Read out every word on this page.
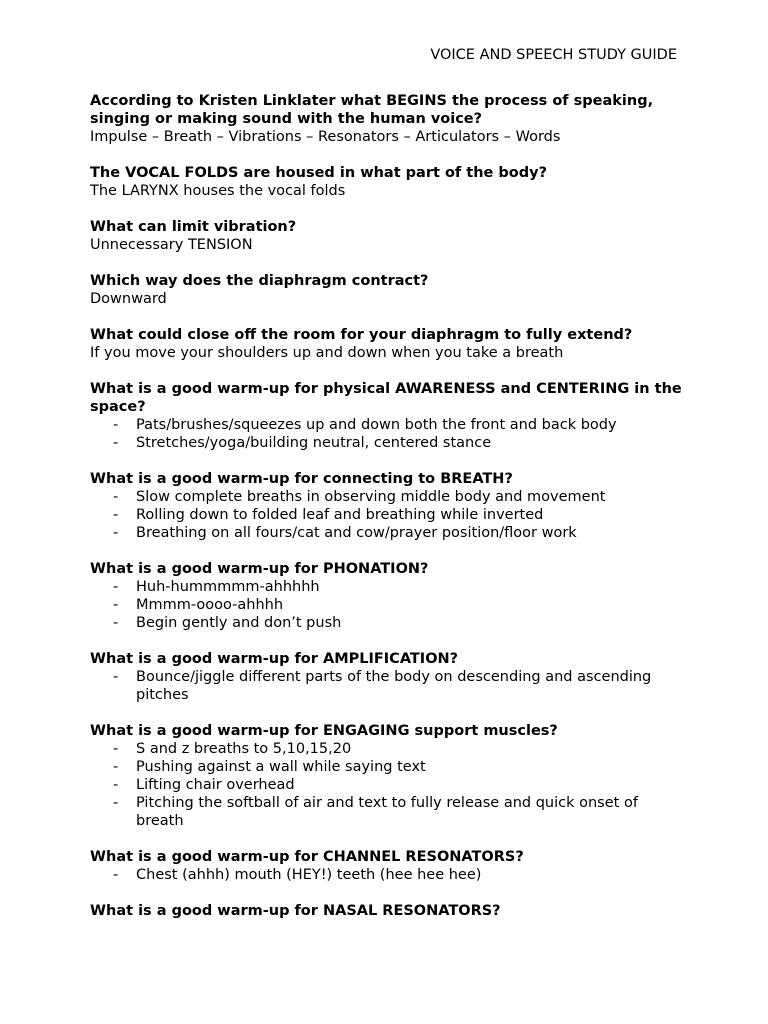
VOICE AND SPEECH STUDY GUIDE

According to Kristen Linklater what BEGINS the process of speaking, singing or making sound with the human voice?

Impulse – Breath – Vibrations – Resonators – Articulators – Words

The VOCAL FOLDS are housed in what part of the body?

The LARYNX houses the vocal folds

What can limit vibration?

Unnecessary TENSION

Which way does the diaphragm contract?

Downward

What could close off the room for your diaphragm to fully extend?

If you move your shoulders up and down when you take a breath

What is a good warm-up for physical AWARENESS and CENTERING in the space?

- Pats/brushes/squeezes up and down both the front and back body
- Stretches/yoga/building neutral, centered stance

What is a good warm-up for connecting to BREATH?

- Slow complete breaths in observing middle body and movement
- Rolling down to folded leaf and breathing while inverted
- Breathing on all fours/cat and cow/prayer position/floor work

What is a good warm-up for PHONATION?

- Huh-hummmmm-ahhhhh
- Mmmm-oooo-ahhhh
- Begin gently and don’t push

What is a good warm-up for AMPLIFICATION?

- Bounce/jiggle different parts of the body on descending and ascending pitches

What is a good warm-up for ENGAGING support muscles?

- S and z breaths to 5,10,15,20
- Pushing against a wall while saying text
- Lifting chair overhead
- Pitching the softball of air and text to fully release and quick onset of breath

What is a good warm-up for CHANNEL RESONATORS?

- Chest (ahhh) mouth (HEY!) teeth (hee hee hee)

What is a good warm-up for NASAL RESONATORS?
